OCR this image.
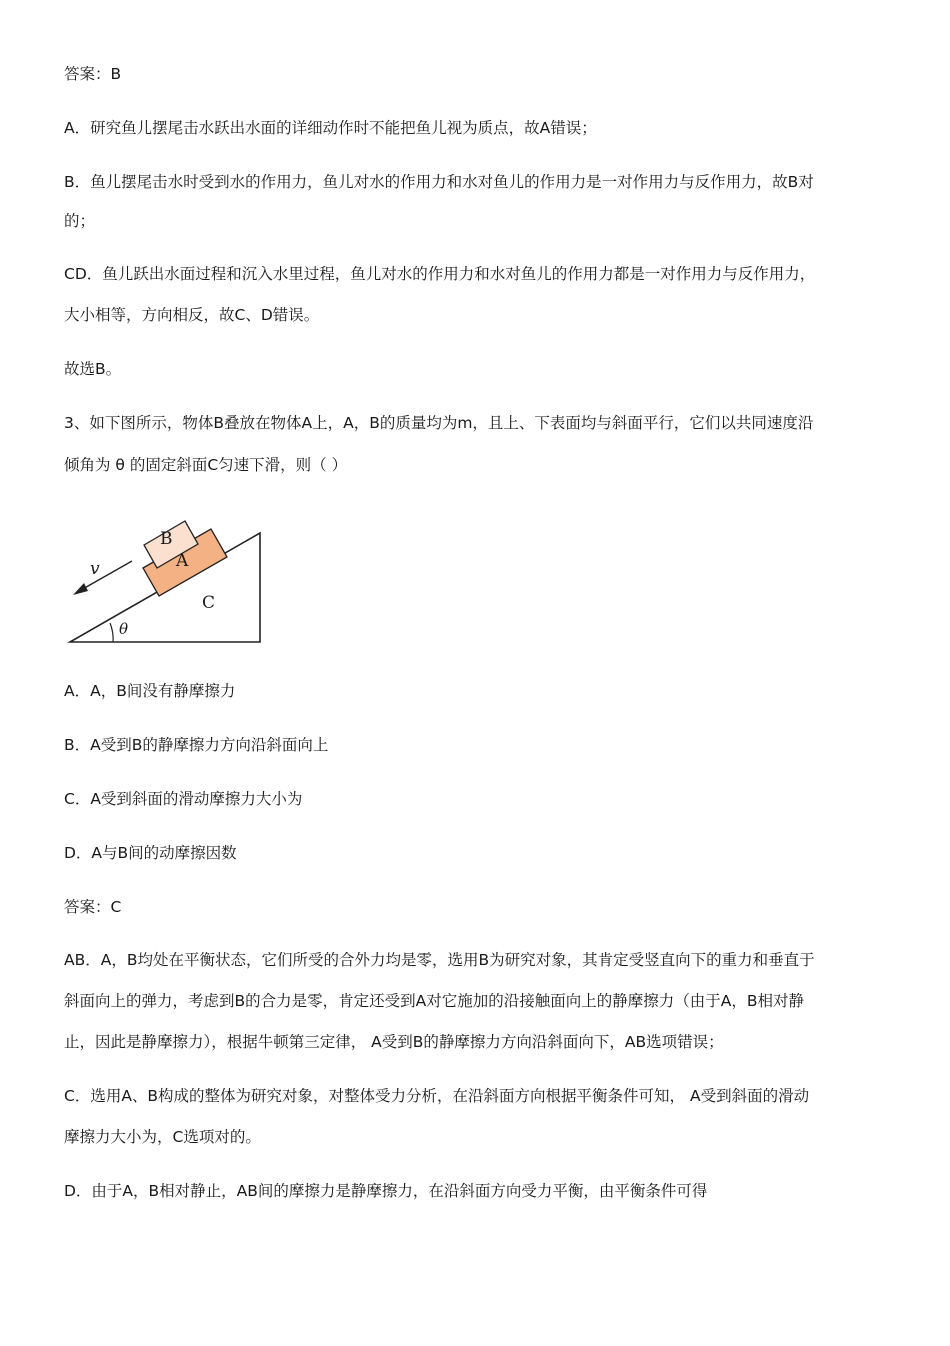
答案：B
A．研究鱼儿摆尾击水跃出水面的详细动作时不能把鱼儿视为质点，故A错误；
B．鱼儿摆尾击水时受到水的作用力，鱼儿对水的作用力和水对鱼儿的作用力是一对作用力与反作用力，故B对
的；
CD．鱼儿跃出水面过程和沉入水里过程，鱼儿对水的作用力和水对鱼儿的作用力都是一对作用力与反作用力，
大小相等，方向相反，故C、D错误。
故选B。
3、如下图所示，物体B叠放在物体A上，A，B的质量均为m，且上、下表面均与斜面平行，它们以共同速度沿
倾角为 θ 的固定斜面C匀速下滑，则（ ）
B
A
C
v
θ
A．A，B间没有静摩擦力
B．A受到B的静摩擦力方向沿斜面向上
C．A受到斜面的滑动摩擦力大小为
D．A与B间的动摩擦因数
答案：C
AB．A，B均处在平衡状态，它们所受的合外力均是零，选用B为研究对象，其肯定受竖直向下的重力和垂直于
斜面向上的弹力，考虑到B的合力是零，肯定还受到A对它施加的沿接触面向上的静摩擦力（由于A，B相对静
止，因此是静摩擦力），根据牛顿第三定律， A受到B的静摩擦力方向沿斜面向下，AB选项错误；
C．选用A、B构成的整体为研究对象，对整体受力分析，在沿斜面方向根据平衡条件可知， A受到斜面的滑动
摩擦力大小为，C选项对的。
D．由于A，B相对静止，AB间的摩擦力是静摩擦力，在沿斜面方向受力平衡，由平衡条件可得
